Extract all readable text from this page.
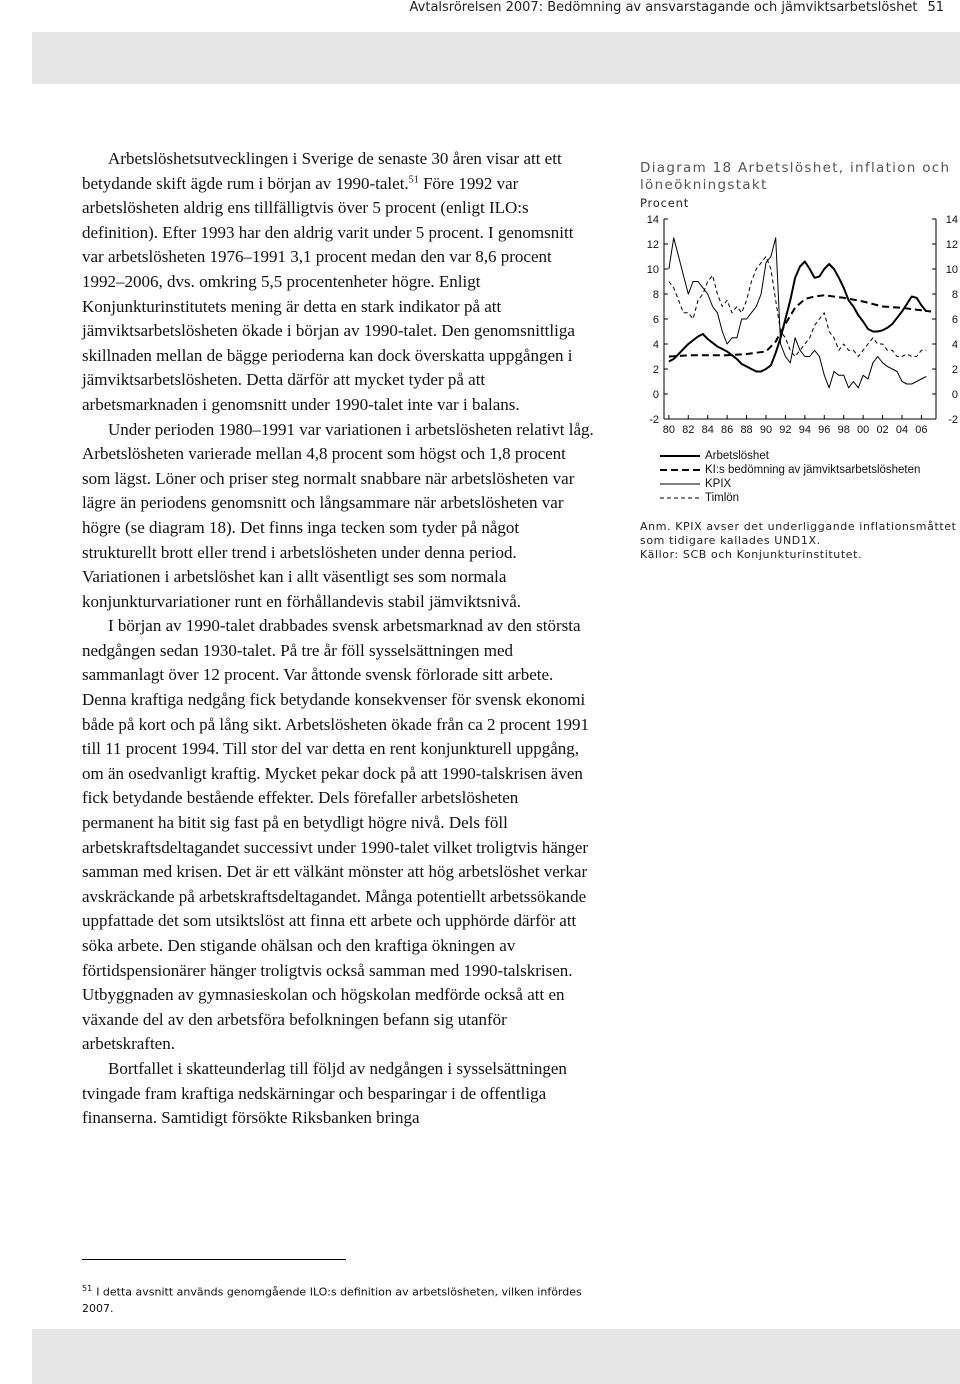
Avtalsrörelsen 2007: Bedömning av ansvarstagande och jämviktsarbetslöshet 51

Arbetslöshetsutvecklingen i Sverige de senaste 30 åren visar att ett betydande skift ägde rum i början av 1990-talet.$^{51}$ Före 1992 var arbetslösheten aldrig ens tillfälligtvis över 5 procent (enligt ILO:s definition). Efter 1993 har den aldrig varit under 5 procent. I genomsnitt var arbetslösheten 1976–1991 3,1 procent medan den var 8,6 procent 1992–2006, dvs. omkring 5,5 procentenheter högre. Enligt Konjunkturinstitutets mening är detta en stark indikator på att jämviktsarbetslösheten ökade i början av 1990-talet. Den genomsnittliga skillnaden mellan de bägge perioderna kan dock överskatta uppgången i jämviktsarbetslösheten. Detta därför att mycket tyder på att arbetsmarknaden i genomsnitt under 1990-talet inte var i balans.

Under perioden 1980–1991 var variationen i arbetslösheten relativt låg. Arbetslösheten varierade mellan 4,8 procent som högst och 1,8 procent som lägst. Löner och priser steg normalt snabbare när arbetslösheten var lägre än periodens genomsnitt och långsammare när arbetslösheten var högre (se diagram 18). Det finns inga tecken som tyder på något strukturellt brott eller trend i arbetslösheten under denna period. Variationen i arbetslöshet kan i allt väsentligt ses som normala konjunkturvariationer runt en förhållandevis stabil jämviktsnivå.

I början av 1990-talet drabbades svensk arbetsmarknad av den största nedgången sedan 1930-talet. På tre år föll sysselsättningen med sammanlagt över 12 procent. Var åttonde svensk förlorade sitt arbete. Denna kraftiga nedgång fick betydande konsekvenser för svensk ekonomi både på kort och på lång sikt. Arbetslösheten ökade från ca 2 procent 1991 till 11 procent 1994. Till stor del var detta en rent konjunkturell uppgång, om än osedvanligt kraftig. Mycket pekar dock på att 1990-talskrisen även fick betydande bestående effekter. Dels förefaller arbetslösheten permanent ha bitit sig fast på en betydligt högre nivå. Dels föll arbetskraftsdeltagandet successivt under 1990-talet vilket troligtvis hänger samman med krisen. Det är ett välkänt mönster att hög arbetslöshet verkar avskräckande på arbetskraftsdeltagandet. Många potentiellt arbetssökande uppfattade det som utsiktslöst att finna ett arbete och upphörde därför att söka arbete. Den stigande ohälsan och den kraftiga ökningen av förtidspensionärer hänger troligtvis också samman med 1990-talskrisen. Utbyggnaden av gymnasieskolan och högskolan medförde också att en växande del av den arbetsföra befolkningen befann sig utanför arbetskraften.

Bortfallet i skatteunderlag till följd av nedgången i sysselsättningen tvingade fram kraftiga nedskärningar och besparingar i de offentliga finanserna. Samtidigt försökte Riksbanken bringa

Diagram 18 Arbetslöshet, inflation och löneökningstakt

Procent
-2	-2
0	0
2	2
4	4
6	6
8	8
10	10
12	12
14	14
80 82 84 86 88 90 92 94 96 98 00 02 04 06
Arbetslöshet
KI:s bedömning av jämviktsarbetslösheten
KPIX
Timlön
Anm. KPIX avser det underliggande inflationsmåttet som tidigare kallades UND1X.
Källor: SCB och Konjunkturinstitutet.
$^{51}$ I detta avsnitt används genomgående ILO:s definition av arbetslösheten, vilken infördes 2007.
